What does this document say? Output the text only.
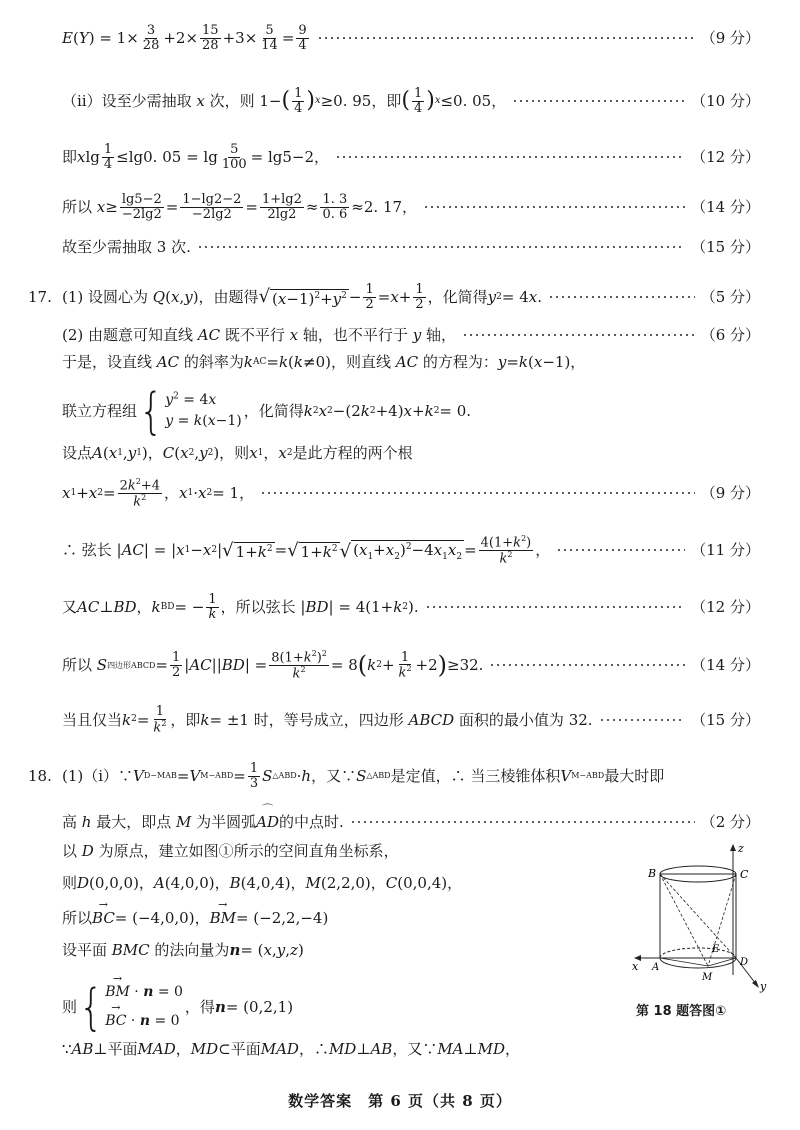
E ( Y ) = $1\times \frac{3}{28} +2\times \frac{15}{28} +3\times \frac{5}{14} = \frac{9}{4}$	（9 分）
（ⅱ）设至少需抽取 x 次，则 1− ( $\frac{1}{4}$ ) x ≥0. 95，即 ( $\frac{1}{4}$ ) x ≤0. 05，	（10 分）
即 x $\lg \frac{1}{4} \le\lg 0$. $05 = \lg \frac{5}{100} = \lg 5-2$，	（12 分）
所以 $x \ge \frac{\lg 5-2}{-2\lg 2} = \frac{1-\lg 2-2}{-2\lg 2} = \frac{1+\lg 2}{2\lg 2} \approx \frac{1. 3}{0. 6} \approx 2$. 17，	（14 分）
故至少需抽取 3 次.	（15 分）
17. (1) 设圆心为 Q ( x , y )，由题得 √ $(x-1)^2+y^2 - \frac{1}{2} = x + \frac{1}{2}$ ，化简得 y 2 = 4 x .	（5 分）
(2) 由题意可知直线 AC 既不平行 x 轴，也不平行于 y 轴，	（6 分）
于是，设直线 AC 的斜率为 k AC = k ( k ≠0)，则直线 AC 的方程为： y = k ( x −1)，
联立方程组 { $y^2 = 4x$
y = k(x−1)
，化简得 k 2 x 2 −(2 k 2 +4) x + k 2 = 0.
设点 A ( x 1 , y 1 )， C ( x 2 , y 2 )，则 x 1 ， x 2 是此方程的两个根
x 1 + x $2 = \frac{2k^2+4}{k^2}$ ， x 1 · x 2 = 1，	（9 分）
∴ 弦长 | AC | = | x 1 − x 2 | √ $1+k^2$ = √ $1+k^2$ √ $(x_1+x_2)^2-4x_1x_2 = \frac{4(1+k^2)}{k^2}$ ，	（11 分）
又 AC ⊥ BD ， k BD = − $\frac{1}{k}$ ，所以弦长 | BD | = 4(1+ k 2 ).	（12 分）
所以 S 四边形ABCD = $\frac{1}{2}$ | AC || BD | = $\frac{8(1+k^2)^2}{k^2} = 8$ ( k $2 + \frac{1}{k^2} +2$ ) ≥32.	（14 分）
当且仅当 k $2 = \frac{1}{k^2}$ ，即 k = ±1 时，等号成立，四边形 ABCD 面积的最小值为 32.	（15 分）
18. (1)（ⅰ）∵ V D−MAB = V $M-ABD = \frac{1}{3}$ S △ABD · h ，又∵ S △ABD 是定值，∴ 当三棱锥体积 V M−ABD 最大时即
高 h 最大，即点 M 为半圆弧 AD
⌒
的中点时.	（2 分）
以 D 为原点，建立如图①所示的空间直角坐标系，
则 D (0,0,0)， A (4,0,0)， B (4,0,4)， M (2,2,0)， C (0,0,4)，
所以 → BC = (−4,0,0)， → BM = (−2,2,−4)
设平面 BMC 的法向量为 n = ( x , y , z )
则 { → BM · n = 0
→ BC · n = 0
，得 n = (0,2,1)
∵ AB ⊥平面 MAD ， MD ⊂平面 MAD ，∴ MD ⊥ AB ，又∵ MA ⊥ MD ，
z
x
y
B	C
A
M
D
E
第 18 题答图①
数学答案　第 6 页（共 8 页）
